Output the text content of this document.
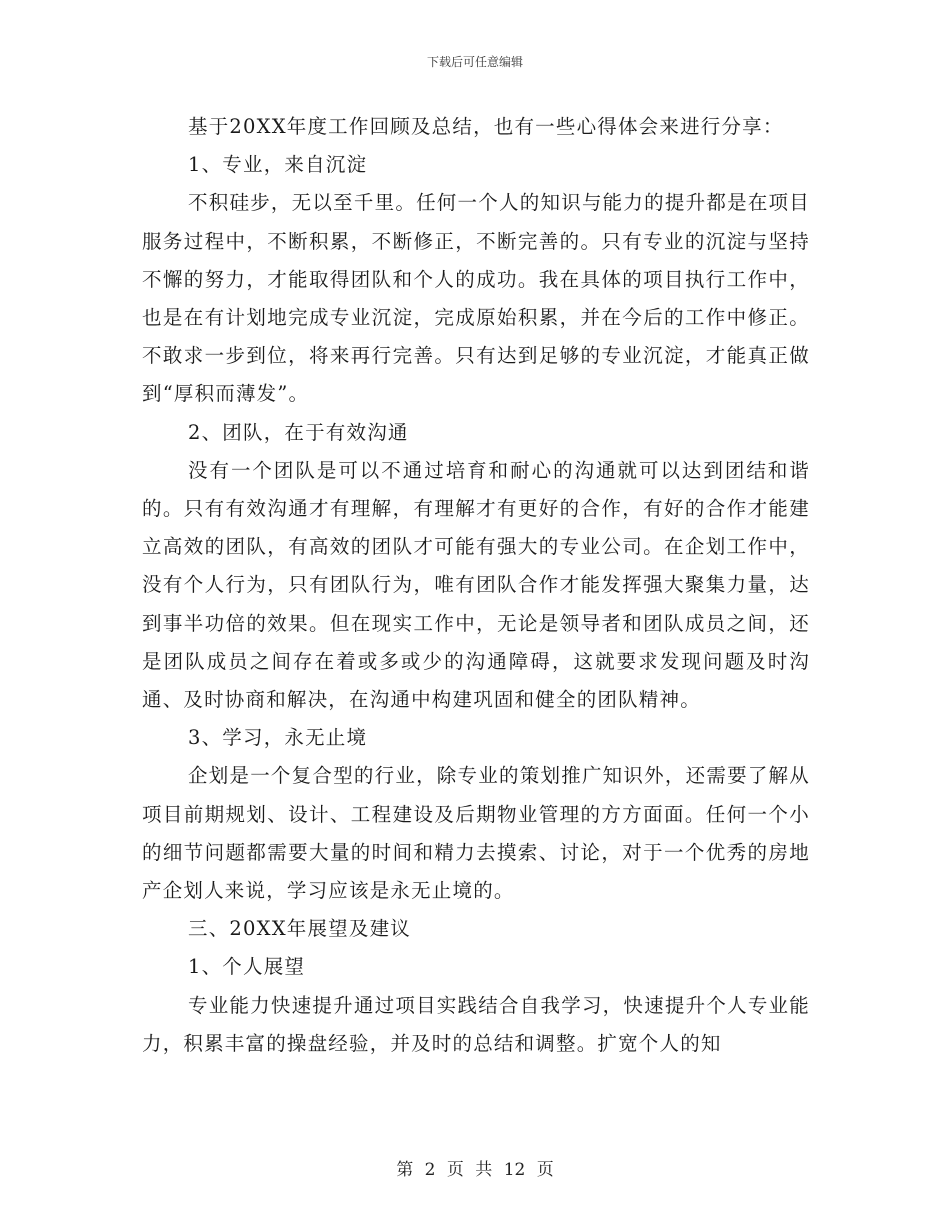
下载后可任意编辑

基于20XX年度工作回顾及总结，也有一些心得体会来进行分享：

1、专业，来自沉淀

不积硅步，无以至千里。任何一个人的知识与能力的提升都是在项目服务过程中，不断积累，不断修正，不断完善的。只有专业的沉淀与坚持不懈的努力，才能取得团队和个人的成功。我在具体的项目执行工作中，也是在有计划地完成专业沉淀，完成原始积累，并在今后的工作中修正。不敢求一步到位，将来再行完善。只有达到足够的专业沉淀，才能真正做到“厚积而薄发”。

2、团队，在于有效沟通

没有一个团队是可以不通过培育和耐心的沟通就可以达到团结和谐的。只有有效沟通才有理解，有理解才有更好的合作，有好的合作才能建立高效的团队，有高效的团队才可能有强大的专业公司。在企划工作中，没有个人行为，只有团队行为，唯有团队合作才能发挥强大聚集力量，达到事半功倍的效果。但在现实工作中，无论是领导者和团队成员之间，还是团队成员之间存在着或多或少的沟通障碍，这就要求发现问题及时沟通、及时协商和解决，在沟通中构建巩固和健全的团队精神。

3、学习，永无止境

企划是一个复合型的行业，除专业的策划推广知识外，还需要了解从项目前期规划、设计、工程建设及后期物业管理的方方面面。任何一个小的细节问题都需要大量的时间和精力去摸索、讨论，对于一个优秀的房地产企划人来说，学习应该是永无止境的。

三、20XX年展望及建议

1、个人展望

专业能力快速提升通过项目实践结合自我学习，快速提升个人专业能力，积累丰富的操盘经验，并及时的总结和调整。扩宽个人的知

第 2 页 共 12 页
